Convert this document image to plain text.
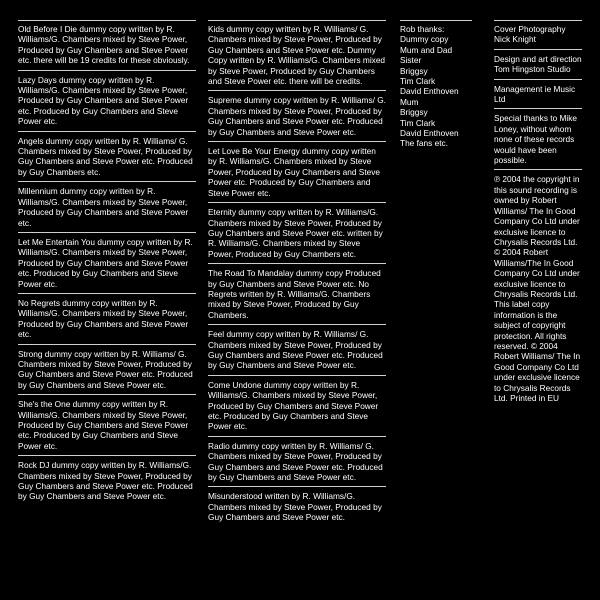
Old Before I Die dummy copy written by R. Williams/G. Chambers mixed by Steve Power, Produced by Guy Chambers and Steve Power etc. there will be 19 credits for these obviously.
Lazy Days dummy copy written by R. Williams/G. Chambers mixed by Steve Power, Produced by Guy Chambers and Steve Power etc. Produced by Guy Chambers and Steve Power etc.
Angels dummy copy written by R. Williams/ G. Chambers mixed by Steve Power, Produced by Guy Chambers and Steve Power etc. Produced by Guy Chambers etc.
Millennium dummy copy written by R. Williams/G. Chambers mixed by Steve Power, Produced by Guy Chambers and Steve Power etc.
Let Me Entertain You dummy copy written by R. Williams/G. Chambers mixed by Steve Power, Produced by Guy Chambers and Steve Power etc. Produced by Guy Chambers and Steve Power etc.
No Regrets dummy copy written by R. Williams/G. Chambers mixed by Steve Power, Produced by Guy Chambers and Steve Power etc.
Strong dummy copy written by R. Williams/ G. Chambers mixed by Steve Power, Produced by Guy Chambers and Steve Power etc. Produced by Guy Chambers and Steve Power etc.
She's the One dummy copy written by R. Williams/G. Chambers mixed by Steve Power, Produced by Guy Chambers and Steve Power etc. Produced by Guy Chambers and Steve Power etc.
Rock DJ dummy copy written by R. Williams/G. Chambers mixed by Steve Power, Produced by Guy Chambers and Steve Power etc. Produced by Guy Chambers and Steve Power etc.
Kids dummy copy written by R. Williams/ G. Chambers mixed by Steve Power, Produced by Guy Chambers and Steve Power etc. Dummy Copy written by R. Williams/G. Chambers mixed by Steve Power, Produced by Guy Chambers and Steve Power etc. there will be credits.
Supreme dummy copy written by R. Williams/ G. Chambers mixed by Steve Power, Produced by Guy Chambers and Steve Power etc. Produced by Guy Chambers and Steve Power etc.
Let Love Be Your Energy dummy copy written by R. Williams/G. Chambers mixed by Steve Power, Produced by Guy Chambers and Steve Power etc. Produced by Guy Chambers and Steve Power etc.
Eternity dummy copy written by R. Williams/G. Chambers mixed by Steve Power, Produced by Guy Chambers and Steve Power etc. written by R. Williams/G. Chambers mixed by Steve Power, Produced by Guy Chambers etc.
The Road To Mandalay dummy copy Produced by Guy Chambers and Steve Power etc. No Regrets written by R. Williams/G. Chambers mixed by Steve Power, Produced by Guy Chambers.
Feel dummy copy written by R. Williams/ G. Chambers mixed by Steve Power, Produced by Guy Chambers and Steve Power etc. Produced by Guy Chambers and Steve Power etc.
Come Undone dummy copy written by R. Williams/G. Chambers mixed by Steve Power, Produced by Guy Chambers and Steve Power etc. Produced by Guy Chambers and Steve Power etc.
Radio dummy copy written by R. Williams/ G. Chambers mixed by Steve Power, Produced by Guy Chambers and Steve Power etc. Produced by Guy Chambers and Steve Power etc.
Misunderstood written by R. Williams/G. Chambers mixed by Steve Power, Produced by Guy Chambers and Steve Power etc.
Rob thanks:
Dummy copy
Mum and Dad
Sister
Briggsy
Tim Clark
David Enthoven
Mum
Briggsy
Tim Clark
David Enthoven
The fans etc.
Cover Photography Nick Knight
Design and art direction Tom Hingston Studio
Management ie Music Ltd
Special thanks to Mike Loney, without whom none of these records would have been possible.
℗ 2004 the copyright in this sound recording is owned by Robert Williams/ The In Good Company Co Ltd under exclusive licence to Chrysalis Records Ltd. © 2004 Robert Williams/The In Good Company Co Ltd under exclusive licence to Chrysalis Records Ltd. This label copy information is the subject of copyright protection. All rights reserved. © 2004 Robert Williams/ The In Good Company Co Ltd under exclusive licence to Chrysalis Records Ltd. Printed in EU
